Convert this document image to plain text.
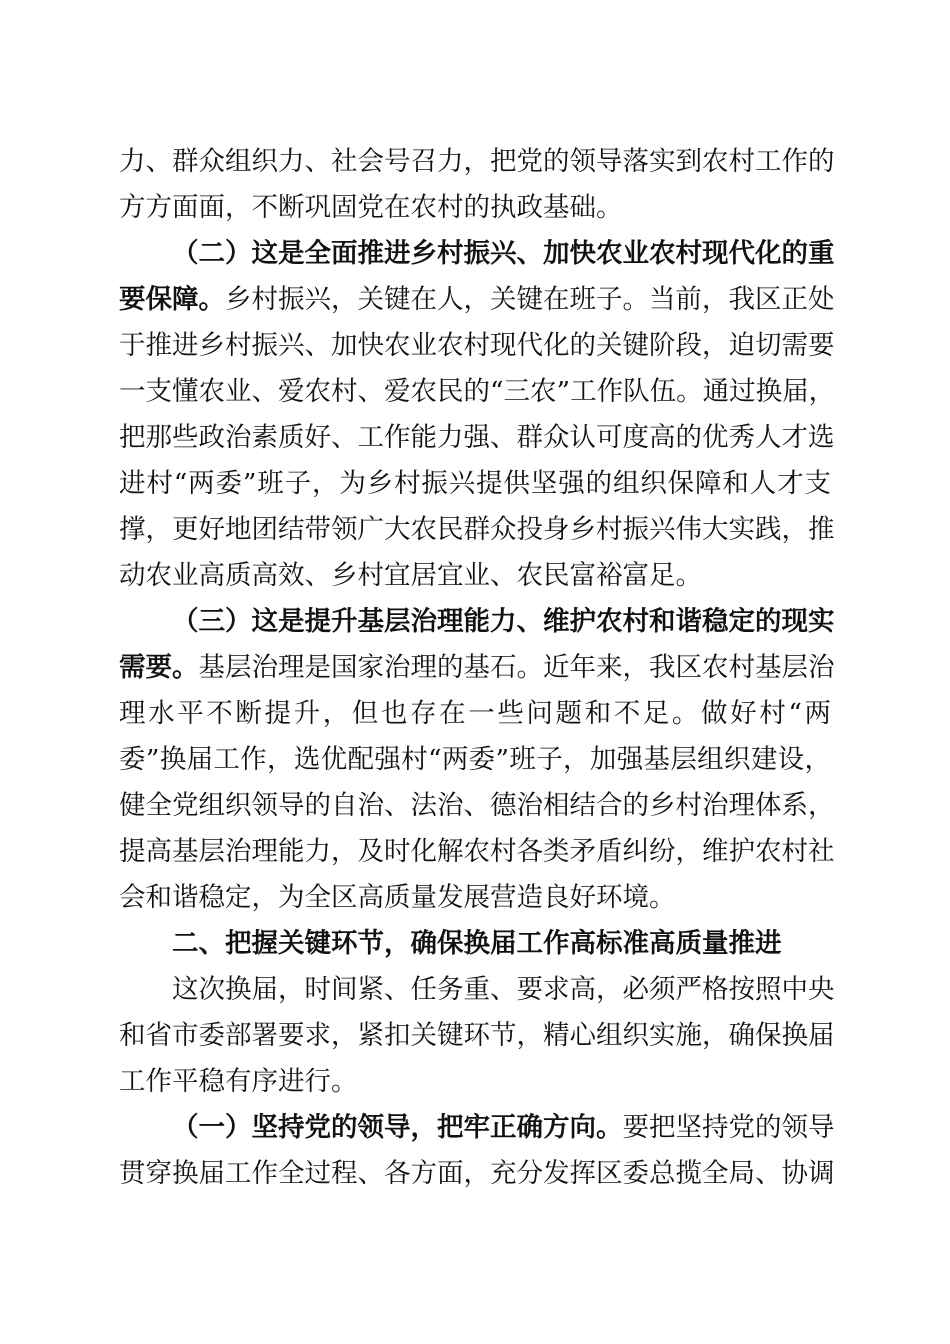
力、群众组织力、社会号召力，把党的领导落实到农村工作的
方方面面，不断巩固党在农村的执政基础。
（二）这是全面推进乡村振兴、加快农业农村现代化的重
要保障。乡村振兴，关键在人，关键在班子。当前，我区正处
于推进乡村振兴、加快农业农村现代化的关键阶段，迫切需要
一支懂农业、爱农村、爱农民的“三农”工作队伍。通过换届，
把那些政治素质好、工作能力强、群众认可度高的优秀人才选
进村“两委”班子，为乡村振兴提供坚强的组织保障和人才支
撑，更好地团结带领广大农民群众投身乡村振兴伟大实践，推
动农业高质高效、乡村宜居宜业、农民富裕富足。
（三）这是提升基层治理能力、维护农村和谐稳定的现实
需要。基层治理是国家治理的基石。近年来，我区农村基层治
理水平不断提升，但也存在一些问题和不足。做好村“两
委”换届工作，选优配强村“两委”班子，加强基层组织建设，
健全党组织领导的自治、法治、德治相结合的乡村治理体系，
提高基层治理能力，及时化解农村各类矛盾纠纷，维护农村社
会和谐稳定，为全区高质量发展营造良好环境。
二、把握关键环节，确保换届工作高标准高质量推进
这次换届，时间紧、任务重、要求高，必须严格按照中央
和省市委部署要求，紧扣关键环节，精心组织实施，确保换届
工作平稳有序进行。
（一）坚持党的领导，把牢正确方向。要把坚持党的领导
贯穿换届工作全过程、各方面，充分发挥区委总揽全局、协调
